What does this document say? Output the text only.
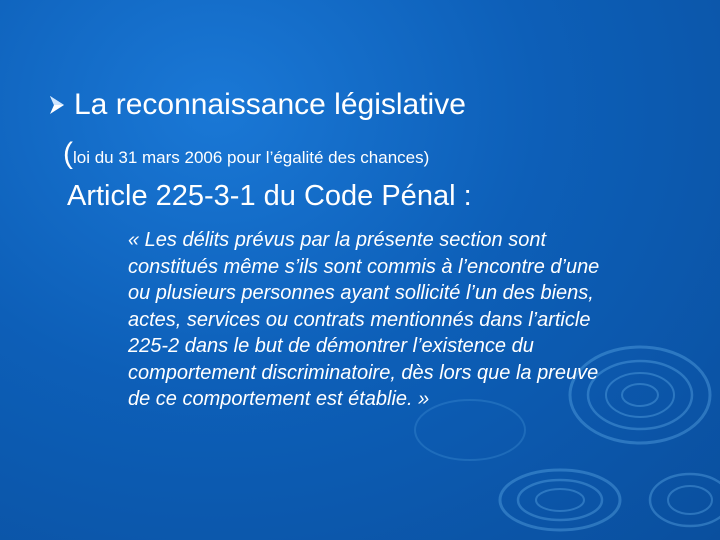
La reconnaissance législative
(loi du 31 mars 2006 pour l’égalité des chances)
Article 225-3-1 du Code Pénal :
« Les délits prévus par la présente section sont
constitués même s’ils sont commis à l’encontre d’une
ou plusieurs personnes ayant sollicité l’un des biens,
actes, services ou contrats mentionnés dans l’article
225-2 dans le but de démontrer l’existence du
comportement discriminatoire, dès lors que la preuve
de ce comportement est établie. »
